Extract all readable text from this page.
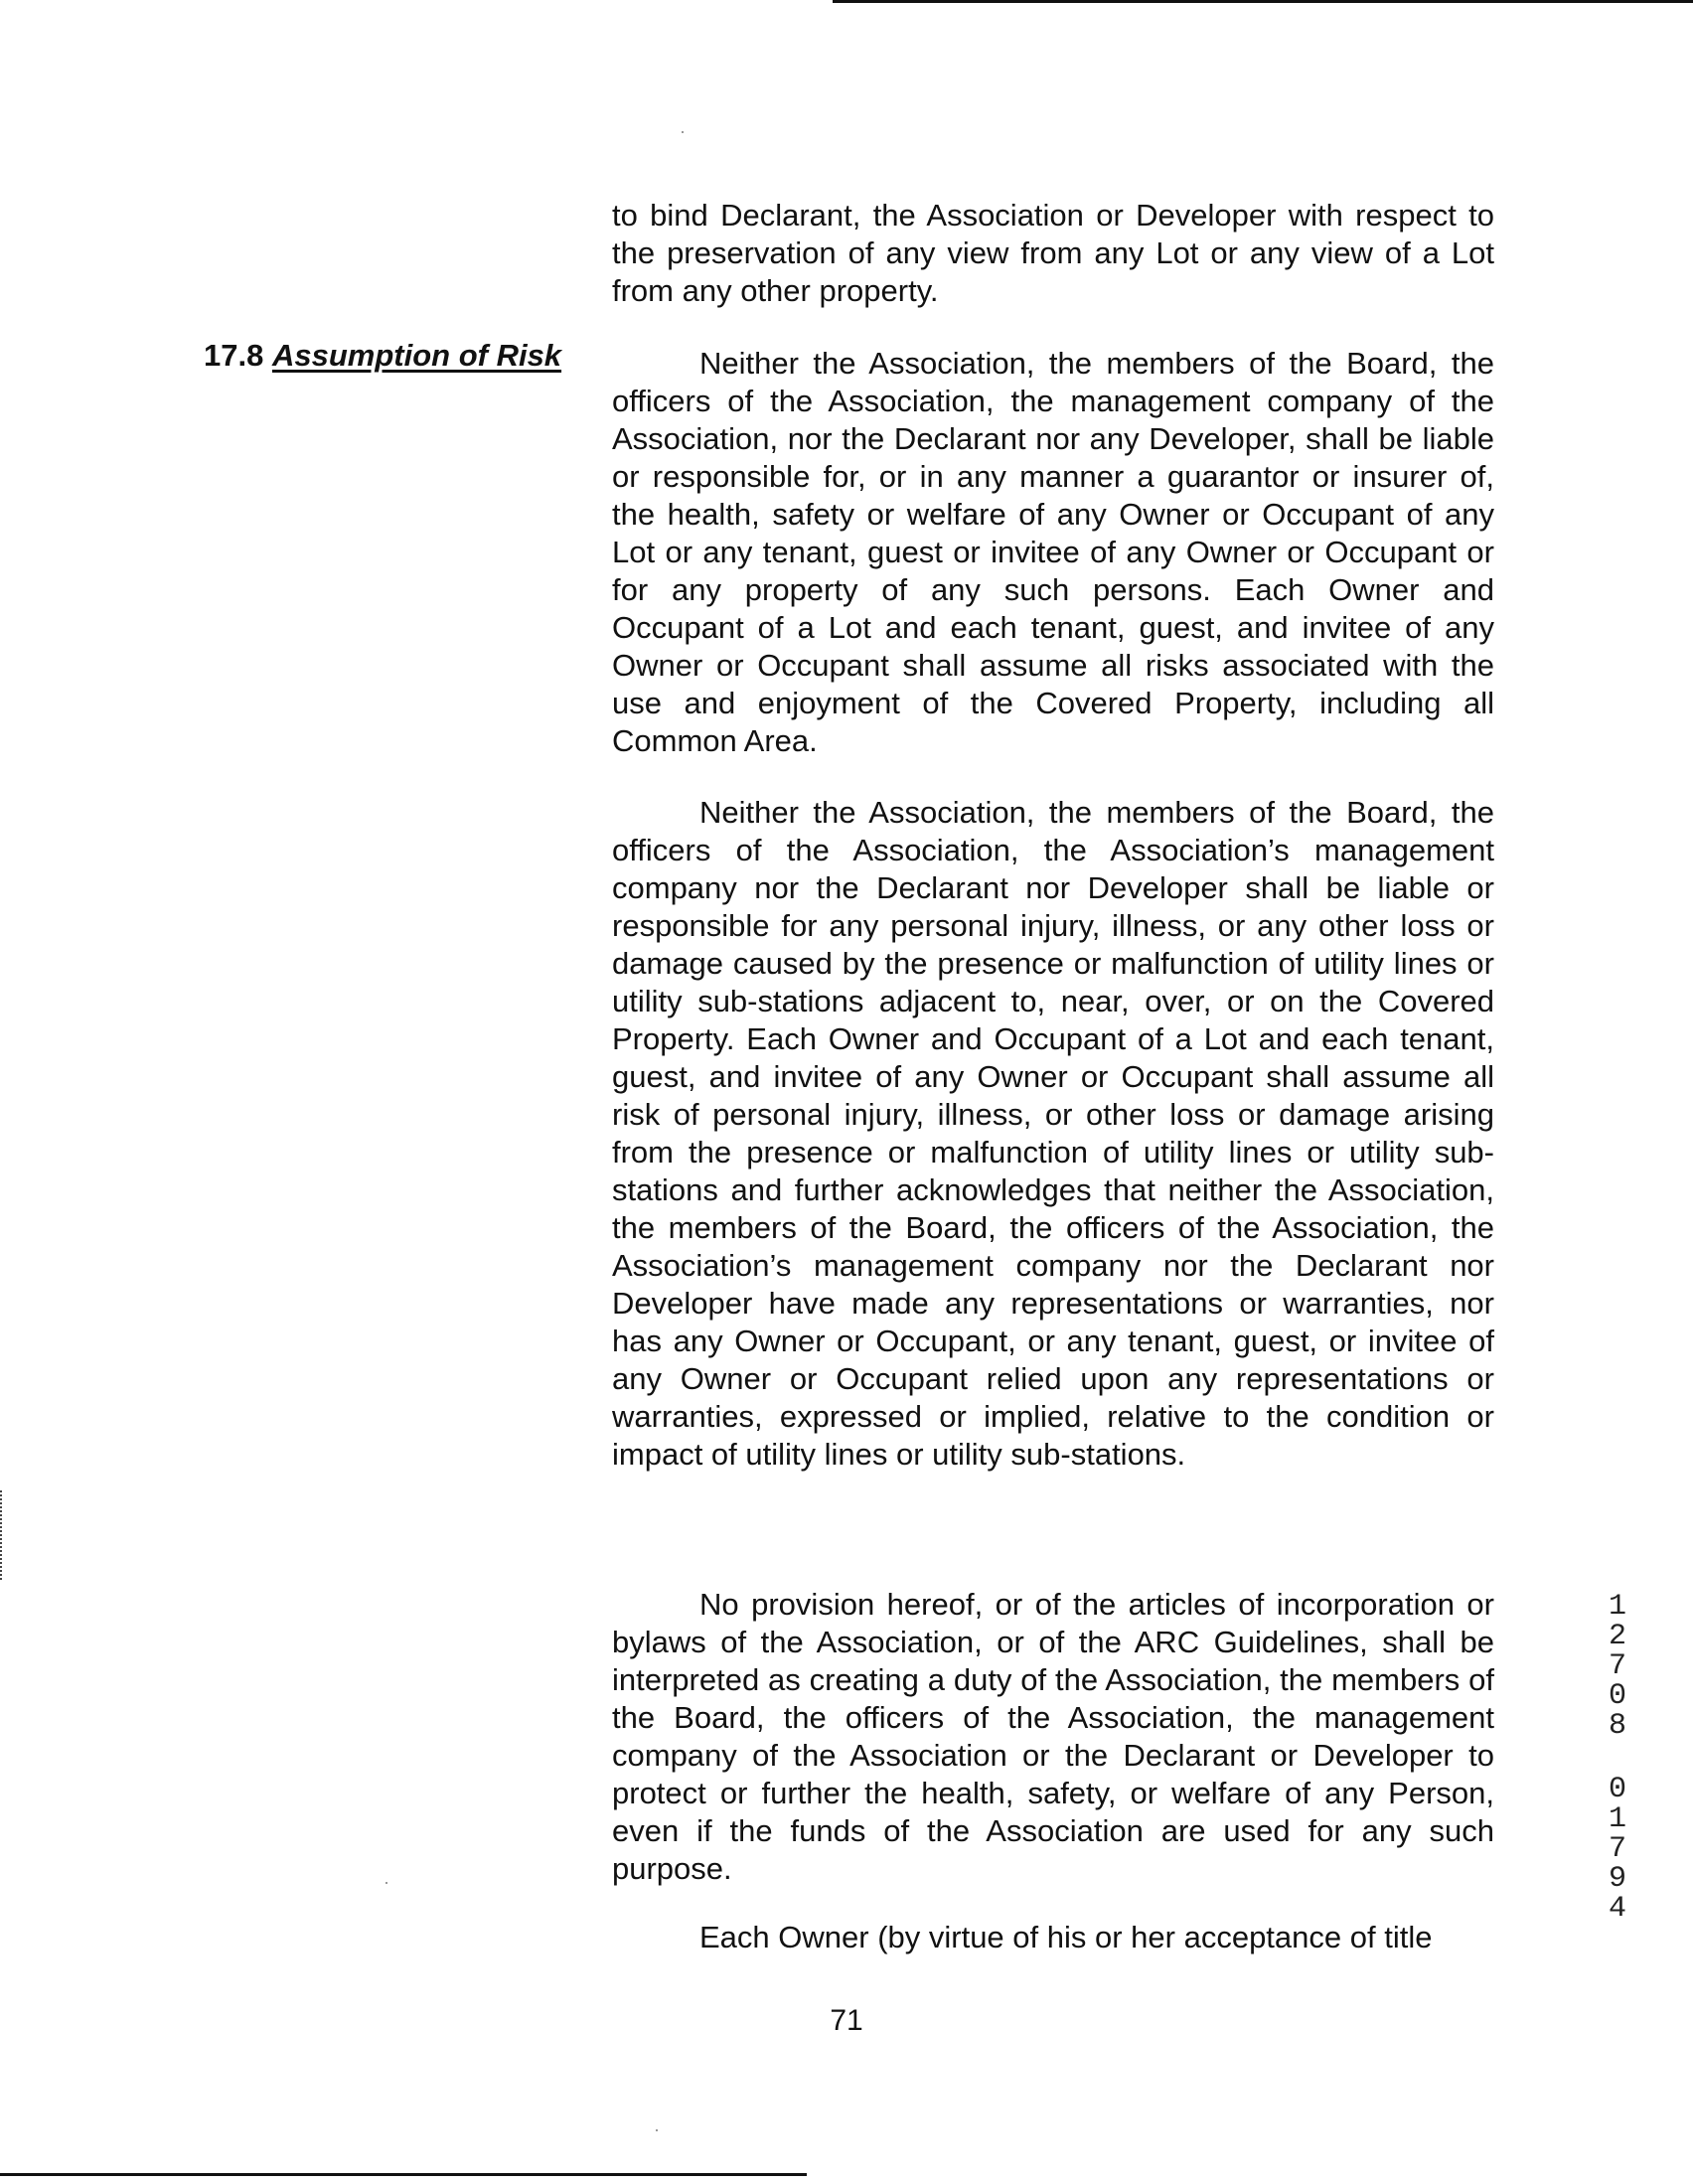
to bind Declarant, the Association or Developer with respect to the preservation of any view from any Lot or any view of a Lot from any other property.

17.8 Assumption of Risk	Neither the Association, the members of the Board, the officers of the Association, the management company of the Association, nor the Declarant nor any Developer, shall be liable or responsible for, or in any manner a guarantor or insurer of, the health, safety or welfare of any Owner or Occupant of any Lot or any tenant, guest or invitee of any Owner or Occupant or for any property of any such persons. Each Owner and Occupant of a Lot and each tenant, guest, and invitee of any Owner or Occupant shall assume all risks associated with the use and enjoyment of the Covered Property, including all Common Area.

Neither the Association, the members of the Board, the officers of the Association, the Association’s management company nor the Declarant nor Developer shall be liable or responsible for any personal injury, illness, or any other loss or damage caused by the presence or malfunction of utility lines or utility sub-stations adjacent to, near, over, or on the Covered Property. Each Owner and Occupant of a Lot and each tenant, guest, and invitee of any Owner or Occupant shall assume all risk of personal injury, illness, or other loss or damage arising from the presence or malfunction of utility lines or utility sub-stations and further acknowledges that neither the Association, the members of the Board, the officers of the Association, the Association’s management company nor the Declarant nor Developer have made any representations or warranties, nor has any Owner or Occupant, or any tenant, guest, or invitee of any Owner or Occupant relied upon any representations or warranties, expressed or implied, relative to the condition or impact of utility lines or utility sub-stations.

No provision hereof, or of the articles of incorporation or bylaws of the Association, or of the ARC Guidelines, shall be interpreted as creating a duty of the Association, the members of the Board, the officers of the Association, the management company of the Association or the Declarant or Developer to protect or further the health, safety, or welfare of any Person, even if the funds of the Association are used for any such purpose.

Each Owner (by virtue of his or her acceptance of title

71
1
2
7
0
8
0
1
7
9
4
